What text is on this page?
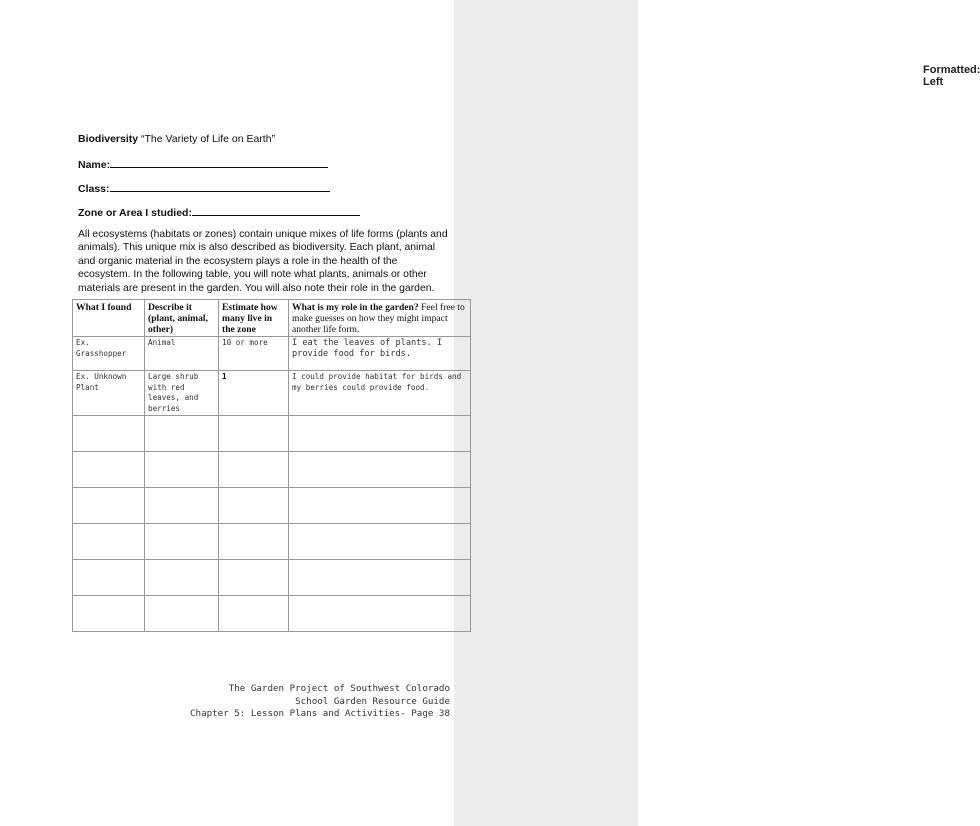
Formatted: Left
Biodiversity “The Variety of Life on Earth”
Name:
Class:
Zone or Area I studied:
All ecosystems (habitats or zones) contain unique mixes of life forms (plants and animals). This unique mix is also described as biodiversity. Each plant, animal and organic material in the ecosystem plays a role in the health of the ecosystem. In the following table, you will note what plants, animals or other materials are present in the garden. You will also note their role in the garden.
What I found	Describe it (plant, animal, other)	Estimate how many live in the zone	What is my role in the garden? Feel free to make guesses on how they might impact another life form.
Ex. Grasshopper	Animal	10 or more	I eat the leaves of plants. I provide food for birds.
Ex. Unknown Plant	Large shrub with red leaves, and berries	1	I could provide habitat for birds and my berries could provide food.

The Garden Project of Southwest Colorado
School Garden Resource Guide
Chapter 5: Lesson Plans and Activities- Page 38
